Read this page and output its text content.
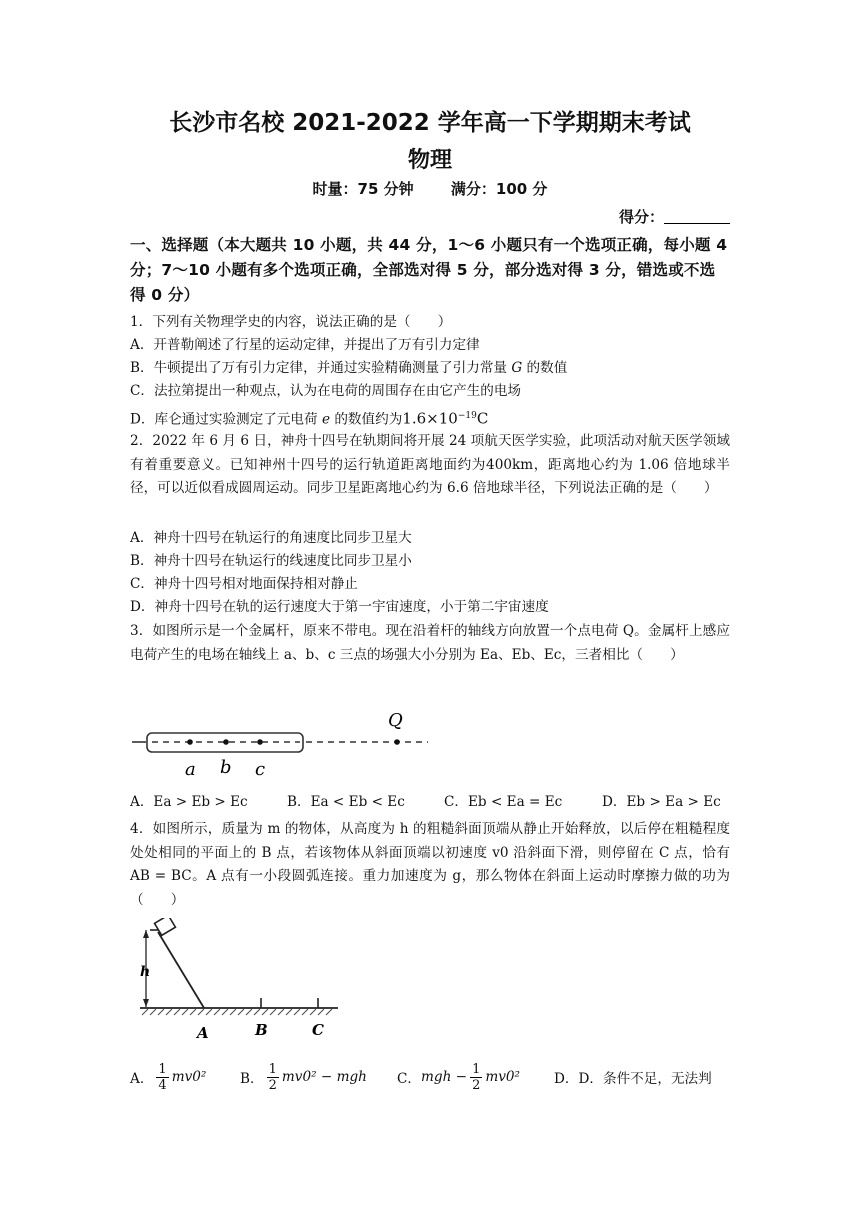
长沙市名校 2021-2022 学年高一下学期期末考试
物理
时量：75 分钟 满分：100 分
得分：
一、选择题（本大题共 10 小题，共 44 分，1～6 小题只有一个选项正确，每小题 4 分；7～10 小题有多个选项正确，全部选对得 5 分，部分选对得 3 分，错选或不选得 0 分）
1．下列有关物理学史的内容，说法正确的是（　　）
A．开普勒阐述了行星的运动定律，并提出了万有引力定律
B．牛顿提出了万有引力定律，并通过实验精确测量了引力常量 G 的数值
C．法拉第提出一种观点，认为在电荷的周围存在由它产生的电场
D．库仑通过实验测定了元电荷 e 的数值约为$1.6\times 10^{-19}C$
2．2022 年 6 月 6 日，神舟十四号在轨期间将开展 24 项航天医学实验，此项活动对航天医学领域有着重要意义。已知神州十四号的运行轨道距离地面约为400km，距离地心约为 1.06 倍地球半径，可以近似看成圆周运动。同步卫星距离地心约为 6.6 倍地球半径，下列说法正确的是（　　）
A．神舟十四号在轨运行的角速度比同步卫星大
B．神舟十四号在轨运行的线速度比同步卫星小
C．神舟十四号相对地面保持相对静止
D．神舟十四号在轨的运行速度大于第一宇宙速度，小于第二宇宙速度
3．如图所示是一个金属杆，原来不带电。现在沿着杆的轴线方向放置一个点电荷 Q。金属杆上感应电荷产生的电场在轴线上 a、b、c 三点的场强大小分别为 Ea、Eb、Ec，三者相比（　　）
a b c
Q
A．Ea > Eb > Ec	B．Ea < Eb < Ec	C．Eb < Ea = Ec	D．Eb > Ea > Ec
4．如图所示，质量为 m 的物体，从高度为 h 的粗糙斜面顶端从静止开始释放，以后停在粗糙程度处处相同的平面上的 B 点，若该物体从斜面顶端以初速度 v0 沿斜面下滑，则停留在 C 点，恰有 AB = BC。A 点有一小段圆弧连接。重力加速度为 g，那么物体在斜面上运动时摩擦力做的功为（　　）
h
A	B	C
A． $\frac{1}{4} mv0^2$ B． $\frac{1}{2} mv0^2$ − mgh C． mgh − $\frac{1}{2} mv0^2$ D．D．条件不足，无法判
